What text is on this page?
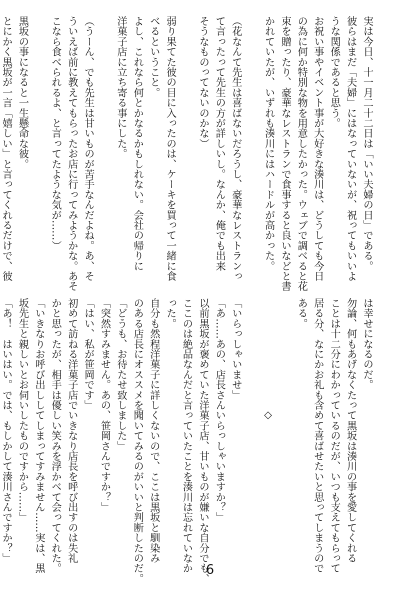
実は今日、十一月二十二日は「いい夫婦の日」である。
彼らはまだ「夫婦」にはなっていないが、祝ってもいいよ
うな関係であると思う。
お祝い事やイベント事が大好きな湊川は、どうしても今日
の為に何か特別な物を用意したかった。ウェブで調べると花
束を贈ったり、豪華なレストランで食事すると良いなどと書
かれていたが、いずれも湊川にはハードルが高かった。

（花なんて先生は喜ばないだろうし、豪華なレストランっ
て言ったって先生の方が詳しいし。なんか、俺でも出来
そうなものってないのかな）

弱り果てた彼の目に入ったのは、ケーキを買って一緒に食
べるということ。
よし、これなら何とかなるかもしれない。会社の帰りに
洋菓子店に立ち寄る事にした。

（うーん、でも先生は甘いものが苦手なんだよね。あ、そ
ういえば前に教えてもらったお店に行ってみようかな。あそ
こなら食べられるよ、と言ってたような気が……）

黒坂の事になると一生懸命な彼。
とにかく黒坂が一言「嬉しい」と言ってくれるだけで、彼
は幸せになるのだ。
勿論、何もあげなくたって黒坂は湊川の事を愛してくれる
ことは十二分にわかっているのだが、いつも支えてもらって
居る分、なにかお礼も含めて喜ばせたいと思ってしまうので
ある。

　　　　　　　　　　　◇

「いらっしゃいませ」
「あ……あの、店長さんいらっしゃいますか？」
以前黒坂が褒めていた洋菓子店、甘いものが嫌いな自分でも、
ここのは絶品なんだと言っていたことを湊川は忘れていなか
った。
自分も然程洋菓子に詳しくないので、ここは黒坂と馴染み
のある店長にオススメを聞いてみるのがいいと判断したのだ。
「どうも、お待たせ致しました」
「突然すみません。あの、笹岡さんですか？」
「はい、私が笹岡です」
初めて訪ねる洋菓子店でいきなり店長を呼び出すのは失礼
かと思ったが、相手は優しい笑みを浮かべて会ってくれた。
「いきなりお呼び出ししてしまってすみません……実は、黒
坂先生と親しいとお伺いしたものですから……」
「あ！　はいはい。では、もしかして湊川さんですか？」
6
